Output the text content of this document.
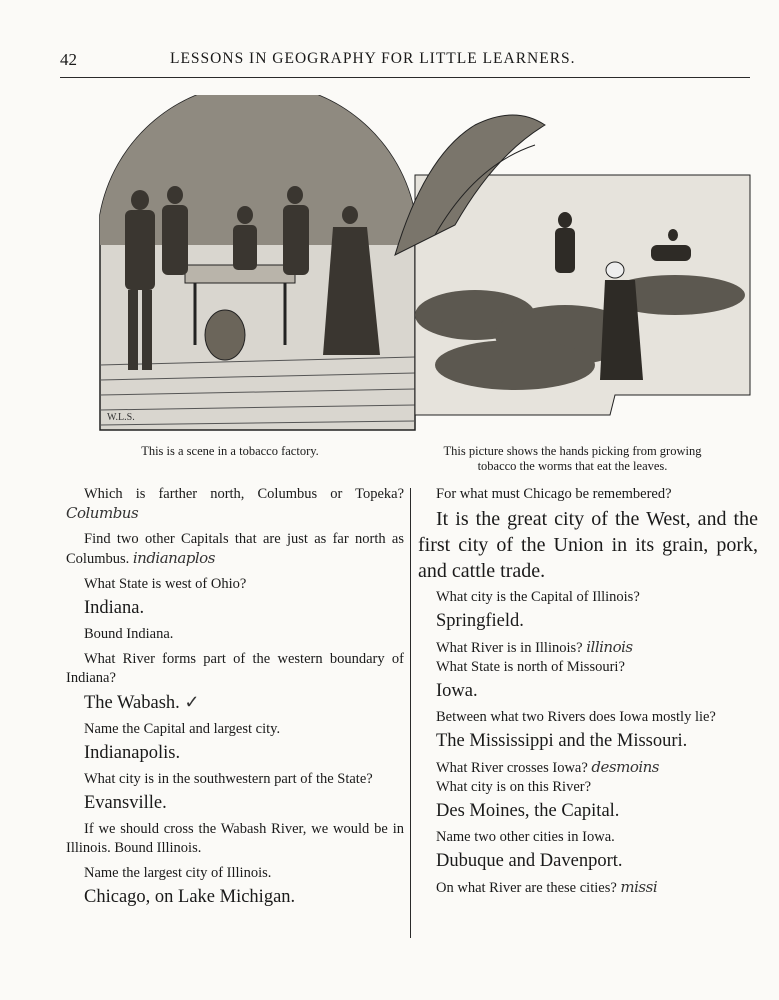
42	LESSONS IN GEOGRAPHY FOR LITTLE LEARNERS.
W.L.S.
This is a scene in a tobacco factory.	This picture shows the hands picking from growing
tobacco the worms that eat the leaves.

Which is farther north, Columbus or Topeka? Columbus

Find two other Capitals that are just as far north as Columbus. indianaplos

What State is west of Ohio?

Indiana.

Bound Indiana.

What River forms part of the western boundary of Indiana?

The Wabash. ✓

Name the Capital and largest city.

Indianapolis.

What city is in the southwestern part of the State?

Evansville.

If we should cross the Wabash River, we would be in Illinois. Bound Illinois.

Name the largest city of Illinois.

Chicago, on Lake Michigan.

For what must Chicago be remembered?

It is the great city of the West, and the first city of the Union in its grain, pork, and cattle trade.

What city is the Capital of Illinois?

Springfield.

What River is in Illinois? illinois

What State is north of Missouri?

Iowa.

Between what two Rivers does Iowa mostly lie?

The Mississippi and the Missouri.

What River crosses Iowa? desmoins

What city is on this River?

Des Moines, the Capital.

Name two other cities in Iowa.

Dubuque and Davenport.

On what River are these cities? missi
